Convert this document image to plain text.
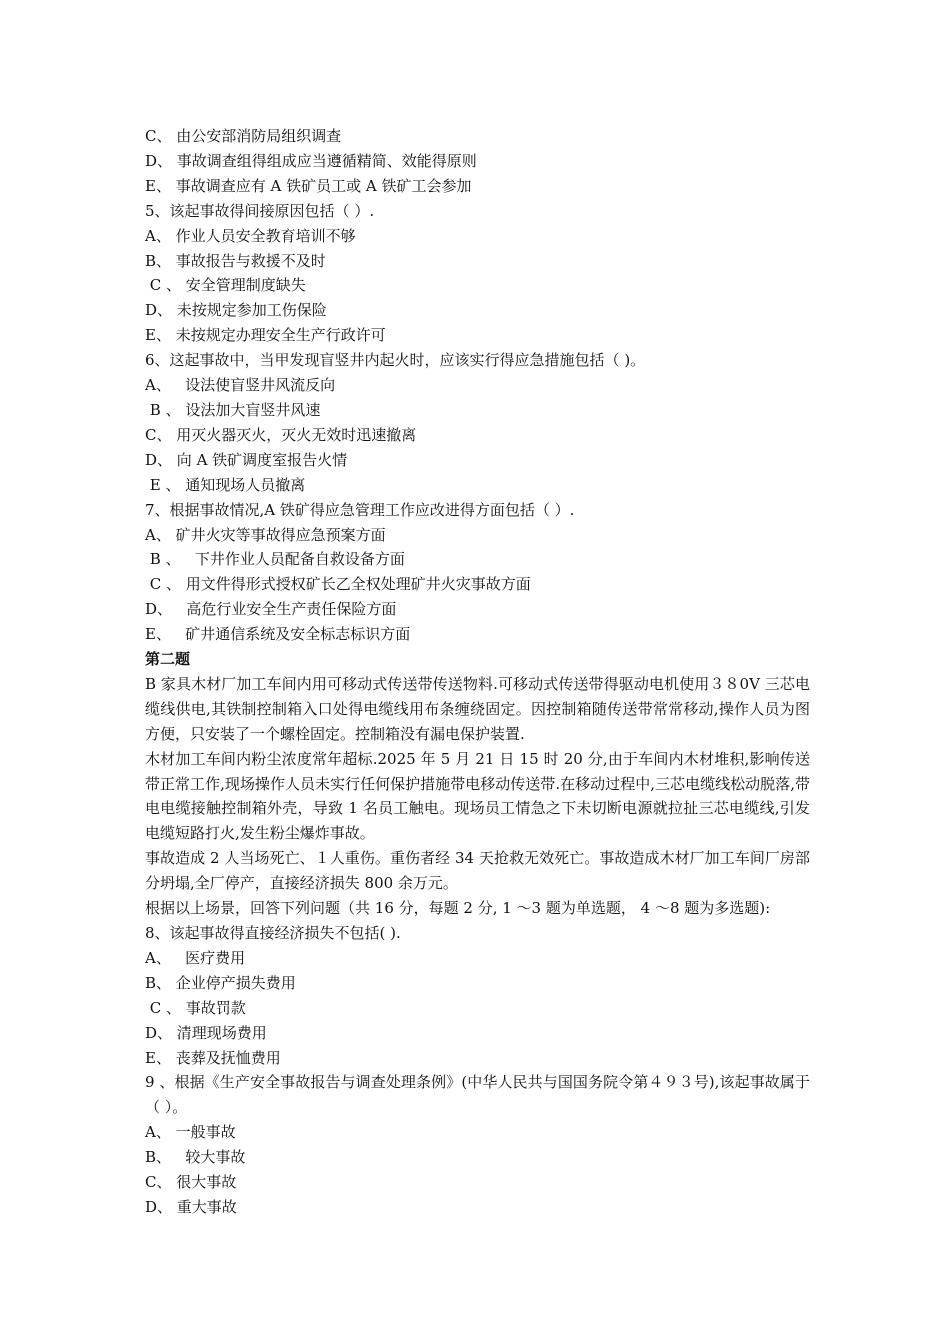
C、 由公安部消防局组织调查

D、 事故调查组得组成应当遵循精简、效能得原则

E、 事故调查应有 A 铁矿员工或 A 铁矿工会参加

5、该起事故得间接原因包括（ ）.

A、 作业人员安全教育培训不够

B、 事故报告与救援不及时

C 、 安全管理制度缺失

D、 未按规定参加工伤保险

E、 未按规定办理安全生产行政许可

6、这起事故中，当甲发现盲竖井内起火时，应该实行得应急措施包括（ )。

A、   设法使盲竖井风流反向

B 、 设法加大盲竖井风速

C、 用灭火器灭火，灭火无效时迅速撤离

D、 向 A 铁矿调度室报告火情

E 、 通知现场人员撤离

7、根据事故情况,A 铁矿得应急管理工作应改进得方面包括（ ）.

A、 矿井火灾等事故得应急预案方面

B 、   下井作业人员配备自救设备方面

C 、 用文件得形式授权矿长乙全权处理矿井火灾事故方面

D、   高危行业安全生产责任保险方面

E、   矿井通信系统及安全标志标识方面

第二题

B 家具木材厂加工车间内用可移动式传送带传送物料.可移动式传送带得驱动电机使用３８0V 三芯电缆线供电,其铁制控制箱入口处得电缆线用布条缠绕固定。因控制箱随传送带常常移动,操作人员为图方便，只安装了一个螺栓固定。控制箱没有漏电保护装置.

木材加工车间内粉尘浓度常年超标.2025 年 5 月 21 日 15 时 20 分,由于车间内木材堆积,影响传送带正常工作,现场操作人员未实行任何保护措施带电移动传送带.在移动过程中,三芯电缆线松动脱落,带电电缆接触控制箱外壳，导致 1 名员工触电。现场员工情急之下未切断电源就拉扯三芯电缆线,引发电缆短路打火,发生粉尘爆炸事故。

事故造成 2 人当场死亡、１人重伤。重伤者经 34 天抢救无效死亡。事故造成木材厂加工车间厂房部分坍塌,全厂停产，直接经济损失 800 余万元。

根据以上场景，回答下列问题（共 16 分，每题 2 分, 1 ～3 题为单选题， 4 ～8 题为多选题):

8、该起事故得直接经济损失不包括( ).

A、   医疗费用

B、 企业停产损失费用

C 、 事故罚款

D、 清理现场费用

E、 丧葬及抚恤费用

9 、根据《生产安全事故报告与调查处理条例》(中华人民共与国国务院令第４９３号),该起事故属于（ ）。

A、 一般事故

B、   较大事故

C、 很大事故

D、 重大事故
